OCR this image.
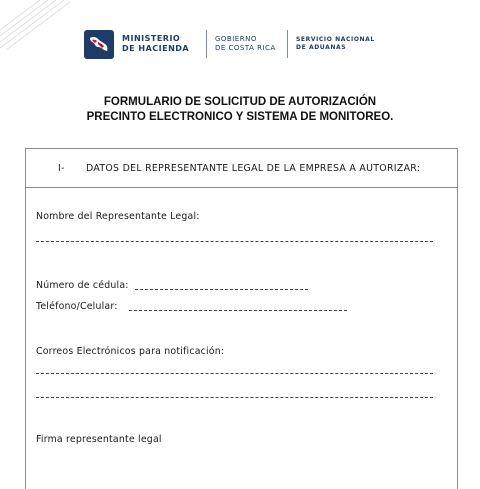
MINISTERIO
DE HACIENDA
GOBIERNO
DE COSTA RICA
SERVICIO NACIONAL
DE ADUANAS
FORMULARIO DE SOLICITUD DE AUTORIZACIÓN
PRECINTO ELECTRONICO Y SISTEMA DE MONITOREO.
I-	DATOS DEL REPRESENTANTE LEGAL DE LA EMPRESA A AUTORIZAR:
Nombre del Representante Legal:
Número de cédula:
Teléfono/Celular:
Correos Electrónicos para notificación:
Firma representante legal
